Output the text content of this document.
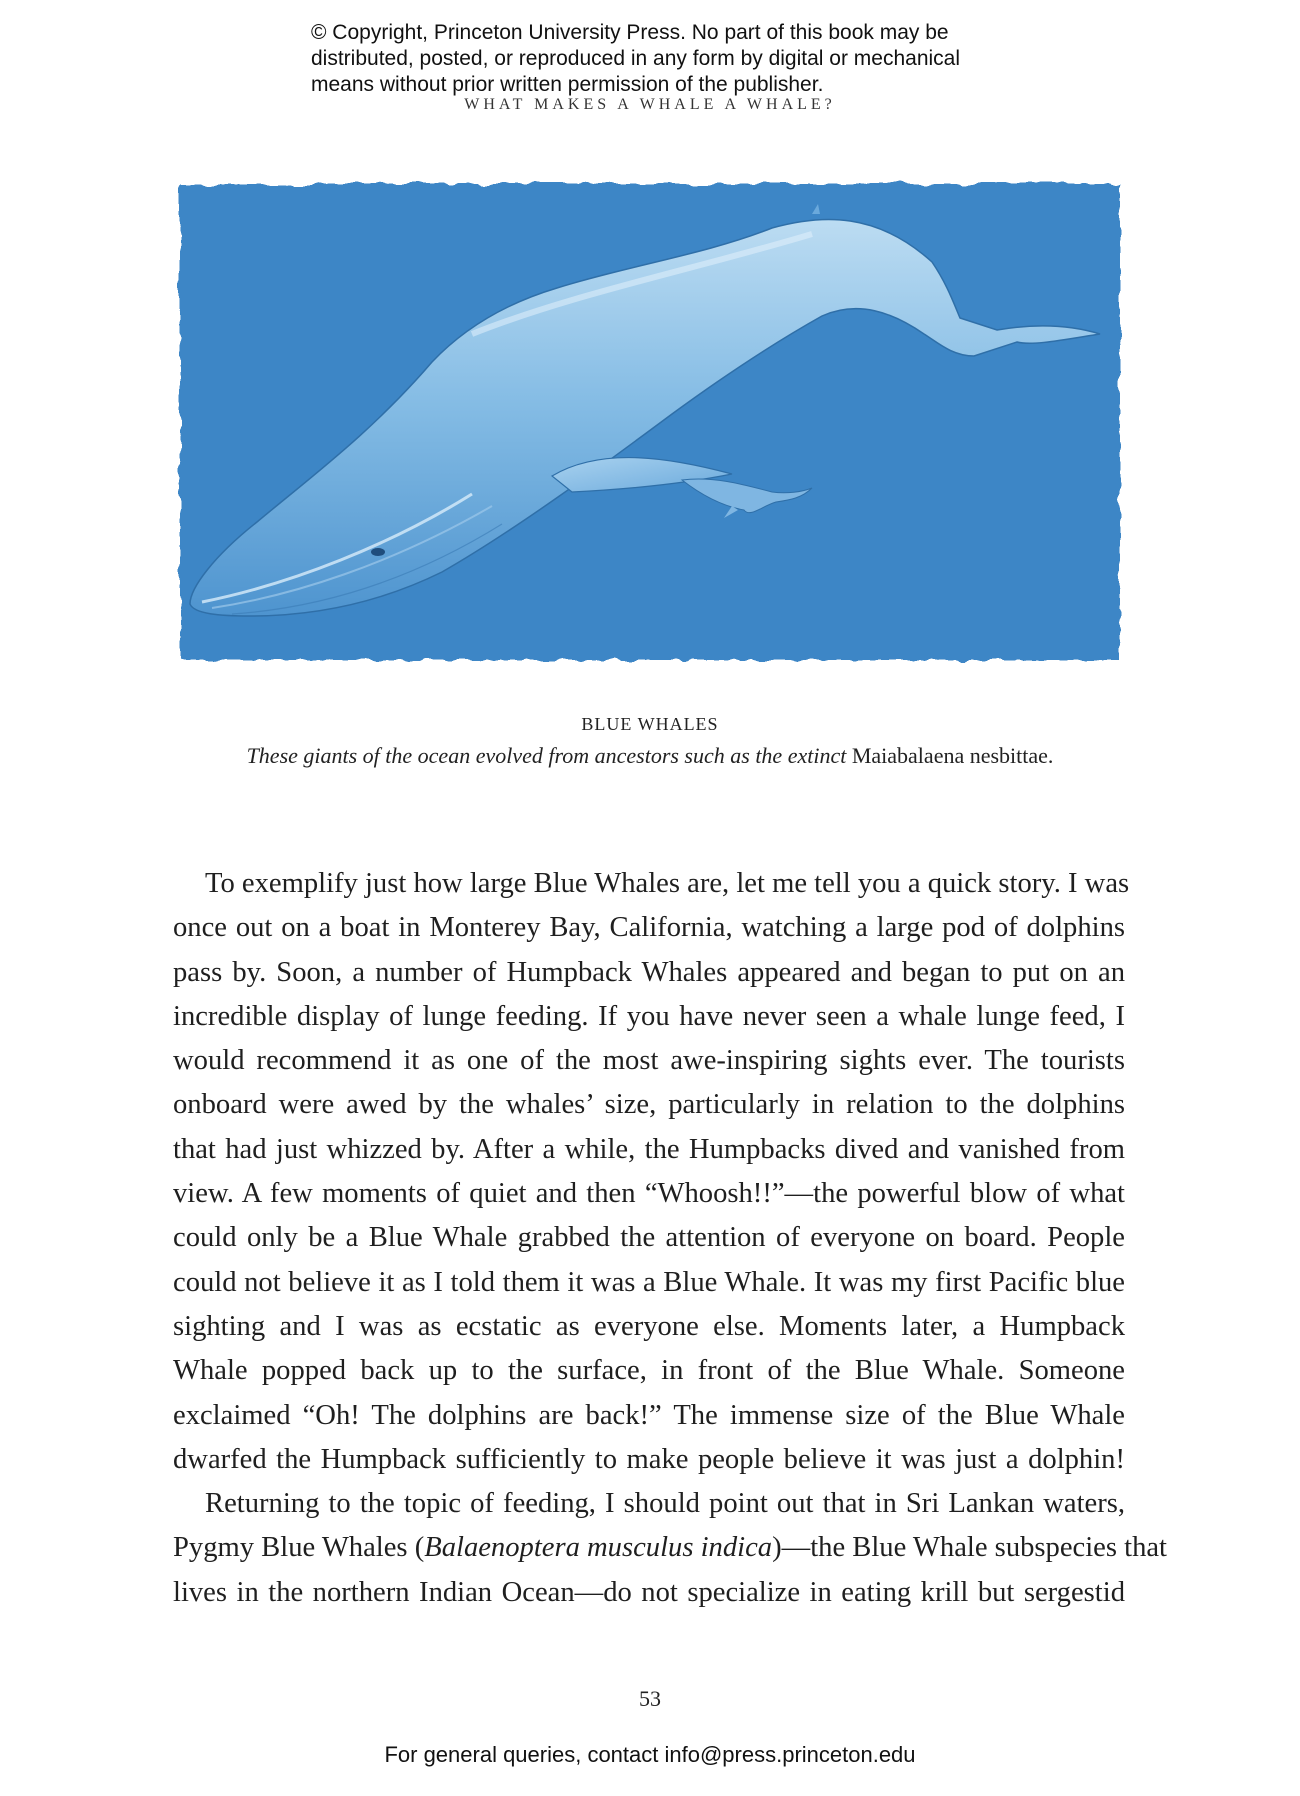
© Copyright, Princeton University Press. No part of this book may be
distributed, posted, or reproduced in any form by digital or mechanical
means without prior written permission of the publisher.
WHAT MAKES A WHALE A WHALE?
BLUE WHALES
These giants of the ocean evolved from ancestors such as the extinct Maiabalaena nesbittae.
To exemplify just how large Blue Whales are, let me tell you a quick story. I was
once out on a boat in Monterey Bay, California, watching a large pod of dolphins
pass by. Soon, a number of Humpback Whales appeared and began to put on an
incredible display of lunge feeding. If you have never seen a whale lunge feed, I
would recommend it as one of the most awe-inspiring sights ever. The tourists
onboard were awed by the whales’ size, particularly in relation to the dolphins
that had just whizzed by. After a while, the Humpbacks dived and vanished from
view. A few moments of quiet and then “Whoosh!!”—the powerful blow of what
could only be a Blue Whale grabbed the attention of everyone on board. People
could not believe it as I told them it was a Blue Whale. It was my first Pacific blue
sighting and I was as ecstatic as everyone else. Moments later, a Humpback
Whale popped back up to the surface, in front of the Blue Whale. Someone
exclaimed “Oh! The dolphins are back!” The immense size of the Blue Whale
dwarfed the Humpback sufficiently to make people believe it was just a dolphin!
Returning to the topic of feeding, I should point out that in Sri Lankan waters,
Pygmy Blue Whales (Balaenoptera musculus indica)—the Blue Whale subspecies that
lives in the northern Indian Ocean—do not specialize in eating krill but sergestid
53
For general queries, contact info@press.princeton.edu
